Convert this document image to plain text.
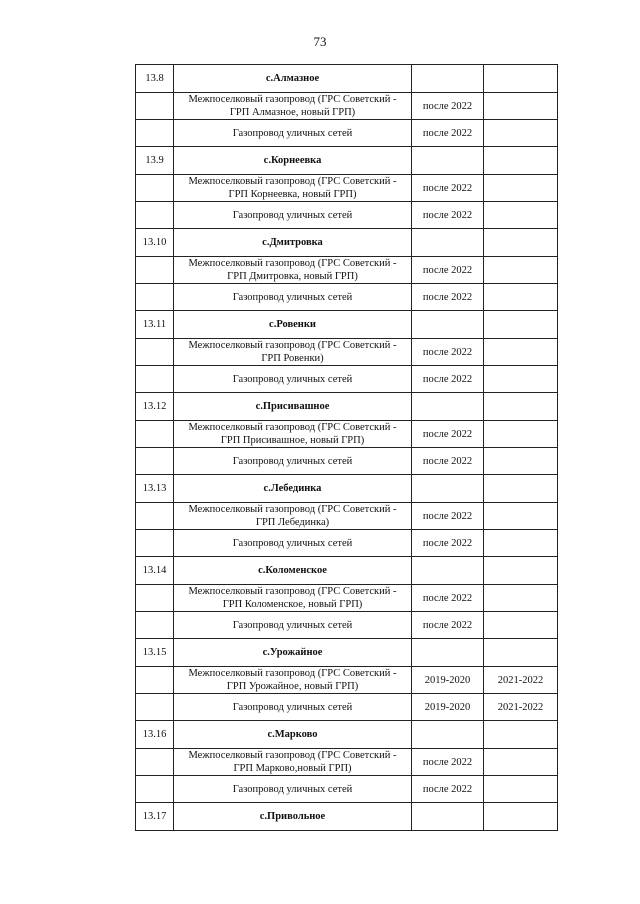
73
13.8	с.Алмазное		

	Межпоселковый газопровод (ГРС Советский -
ГРП Алмазное, новый ГРП)	после 2022	
	Газопровод уличных сетей	после 2022	
13.9	с.Корнеевка		

	Межпоселковый газопровод (ГРС Советский -
ГРП Корнеевка, новый ГРП)	после 2022	
	Газопровод уличных сетей	после 2022	
13.10	с.Дмитровка		

	Межпоселковый газопровод (ГРС Советский -
ГРП Дмитровка, новый ГРП)	после 2022	
	Газопровод уличных сетей	после 2022	
13.11	с.Ровенки		

	Межпоселковый газопровод (ГРС Советский -
ГРП Ровенки)	после 2022	
	Газопровод уличных сетей	после 2022	
13.12	с.Присивашное		

	Межпоселковый газопровод (ГРС Советский -
ГРП Присивашное, новый ГРП)	после 2022	
	Газопровод уличных сетей	после 2022	
13.13	с.Лебединка		

	Межпоселковый газопровод (ГРС Советский -
ГРП Лебединка)	после 2022	
	Газопровод уличных сетей	после 2022	
13.14	с.Коломенское		

	Межпоселковый газопровод (ГРС Советский -
ГРП Коломенское, новый ГРП)	после 2022	
	Газопровод уличных сетей	после 2022	
13.15	с.Урожайное		

	Межпоселковый газопровод (ГРС Советский -
ГРП Урожайное, новый ГРП)	2019-2020	2021-2022
	Газопровод уличных сетей	2019-2020	2021-2022
13.16	с.Марково		

	Межпоселковый газопровод (ГРС Советский -
ГРП Марково,новый ГРП)	после 2022	
	Газопровод уличных сетей	после 2022	
13.17	с.Привольное		
